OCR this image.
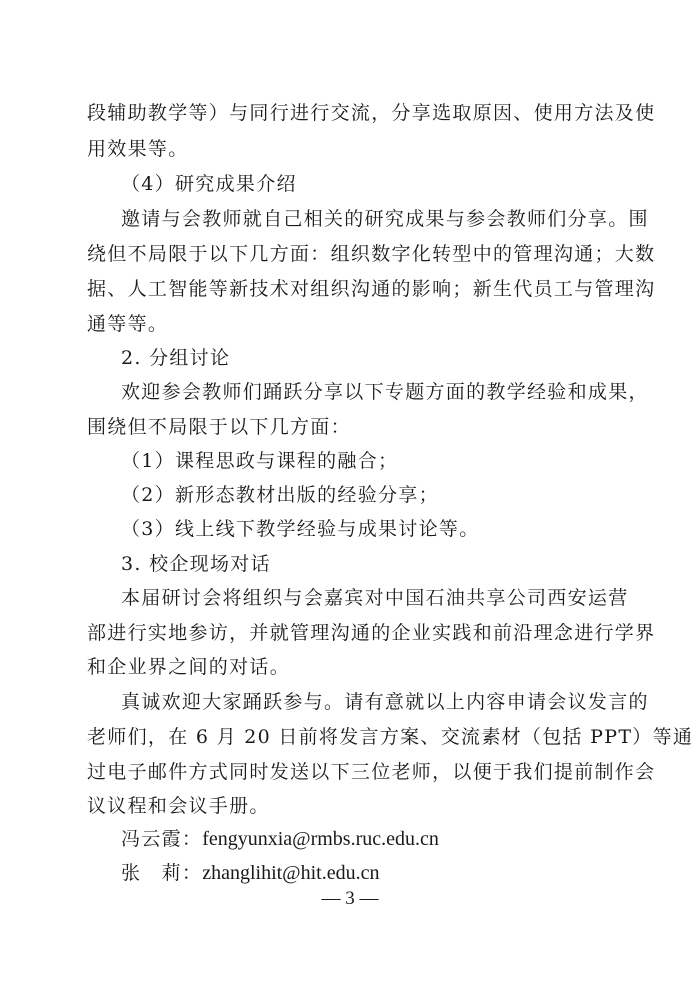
段辅助教学等）与同行进行交流，分享选取原因、使用方法及使
用效果等。
（4）研究成果介绍
邀请与会教师就自己相关的研究成果与参会教师们分享。围
绕但不局限于以下几方面：组织数字化转型中的管理沟通；大数
据、人工智能等新技术对组织沟通的影响；新生代员工与管理沟
通等等。
2. 分组讨论
欢迎参会教师们踊跃分享以下专题方面的教学经验和成果，
围绕但不局限于以下几方面：
（1）课程思政与课程的融合；
（2）新形态教材出版的经验分享；
（3）线上线下教学经验与成果讨论等。
3. 校企现场对话
本届研讨会将组织与会嘉宾对中国石油共享公司西安运营
部进行实地参访，并就管理沟通的企业实践和前沿理念进行学界
和企业界之间的对话。
真诚欢迎大家踊跃参与。请有意就以上内容申请会议发言的
老师们，在 6 月 20 日前将发言方案、交流素材（包括 PPT）等通
过电子邮件方式同时发送以下三位老师，以便于我们提前制作会
议议程和会议手册。
冯云霞：fengyunxia@rmbs.ruc.edu.cn
张　莉：zhanglihit@hit.edu.cn
— 3 —
